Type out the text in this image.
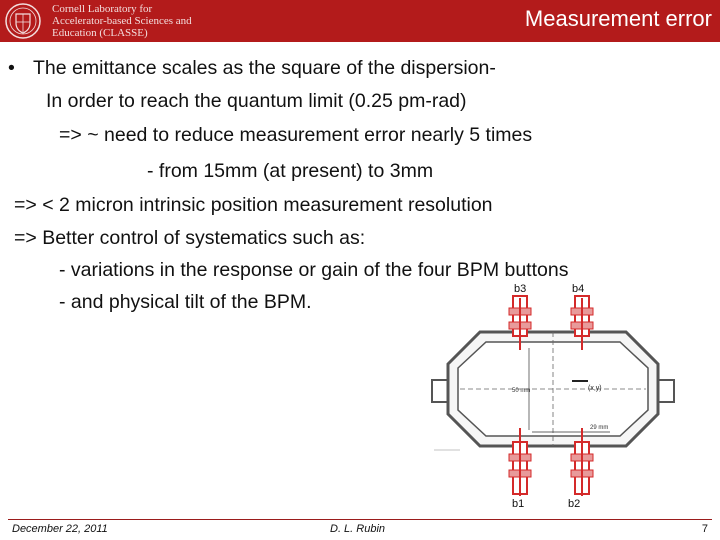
Cornell Laboratory for
Accelerator-based Sciences and
Education (CLASSE)
Measurement error
• The emittance scales as the square of the dispersion-
In order to reach the quantum limit (0.25 pm-rad)
=> ~ need to reduce measurement error nearly 5 times
- from 15mm (at present) to 3mm
=> < 2 micron intrinsic position measurement resolution
=> Better control of systematics such as:
- variations in the response or gain of the four BPM buttons
- and physical tilt of the BPM.
50 mm	(x,y)
29 mm
b3	b4
b1	b2
December 22, 2011	D. L. Rubin	7
